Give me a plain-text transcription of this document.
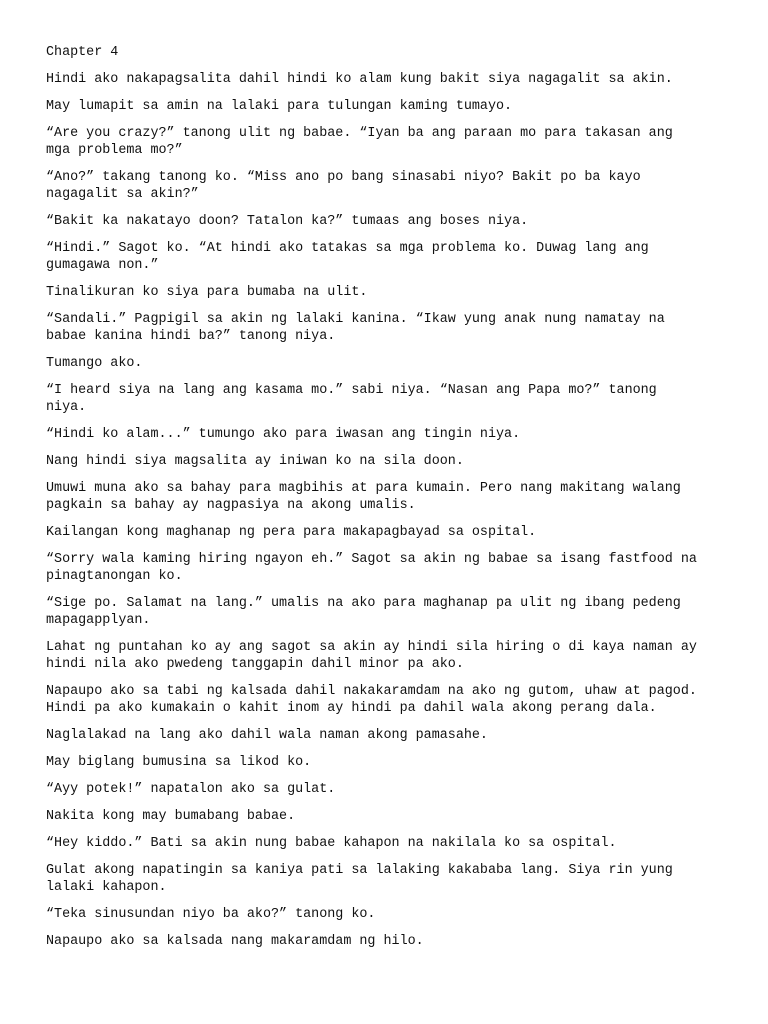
Chapter 4

Hindi ako nakapagsalita dahil hindi ko alam kung bakit siya nagagalit sa akin.

May lumapit sa amin na lalaki para tulungan kaming tumayo.

“Are you crazy?” tanong ulit ng babae. “Iyan ba ang paraan mo para takasan ang
mga problema mo?”

“Ano?” takang tanong ko. “Miss ano po bang sinasabi niyo? Bakit po ba kayo
nagagalit sa akin?”

“Bakit ka nakatayo doon? Tatalon ka?” tumaas ang boses niya.

“Hindi.” Sagot ko. “At hindi ako tatakas sa mga problema ko. Duwag lang ang
gumagawa non.”

Tinalikuran ko siya para bumaba na ulit.

“Sandali.” Pagpigil sa akin ng lalaki kanina. “Ikaw yung anak nung namatay na
babae kanina hindi ba?” tanong niya.

Tumango ako.

“I heard siya na lang ang kasama mo.” sabi niya. “Nasan ang Papa mo?” tanong
niya.

“Hindi ko alam...” tumungo ako para iwasan ang tingin niya.

Nang hindi siya magsalita ay iniwan ko na sila doon.

Umuwi muna ako sa bahay para magbihis at para kumain. Pero nang makitang walang
pagkain sa bahay ay nagpasiya na akong umalis.

Kailangan kong maghanap ng pera para makapagbayad sa ospital.

“Sorry wala kaming hiring ngayon eh.” Sagot sa akin ng babae sa isang fastfood na
pinagtanongan ko.

“Sige po. Salamat na lang.” umalis na ako para maghanap pa ulit ng ibang pedeng
mapagapplyan.

Lahat ng puntahan ko ay ang sagot sa akin ay hindi sila hiring o di kaya naman ay
hindi nila ako pwedeng tanggapin dahil minor pa ako.

Napaupo ako sa tabi ng kalsada dahil nakakaramdam na ako ng gutom, uhaw at pagod.
Hindi pa ako kumakain o kahit inom ay hindi pa dahil wala akong perang dala.

Naglalakad na lang ako dahil wala naman akong pamasahe.

May biglang bumusina sa likod ko.

“Ayy potek!” napatalon ako sa gulat.

Nakita kong may bumabang babae.

“Hey kiddo.” Bati sa akin nung babae kahapon na nakilala ko sa ospital.

Gulat akong napatingin sa kaniya pati sa lalaking kakababa lang. Siya rin yung
lalaki kahapon.

“Teka sinusundan niyo ba ako?” tanong ko.

Napaupo ako sa kalsada nang makaramdam ng hilo.
